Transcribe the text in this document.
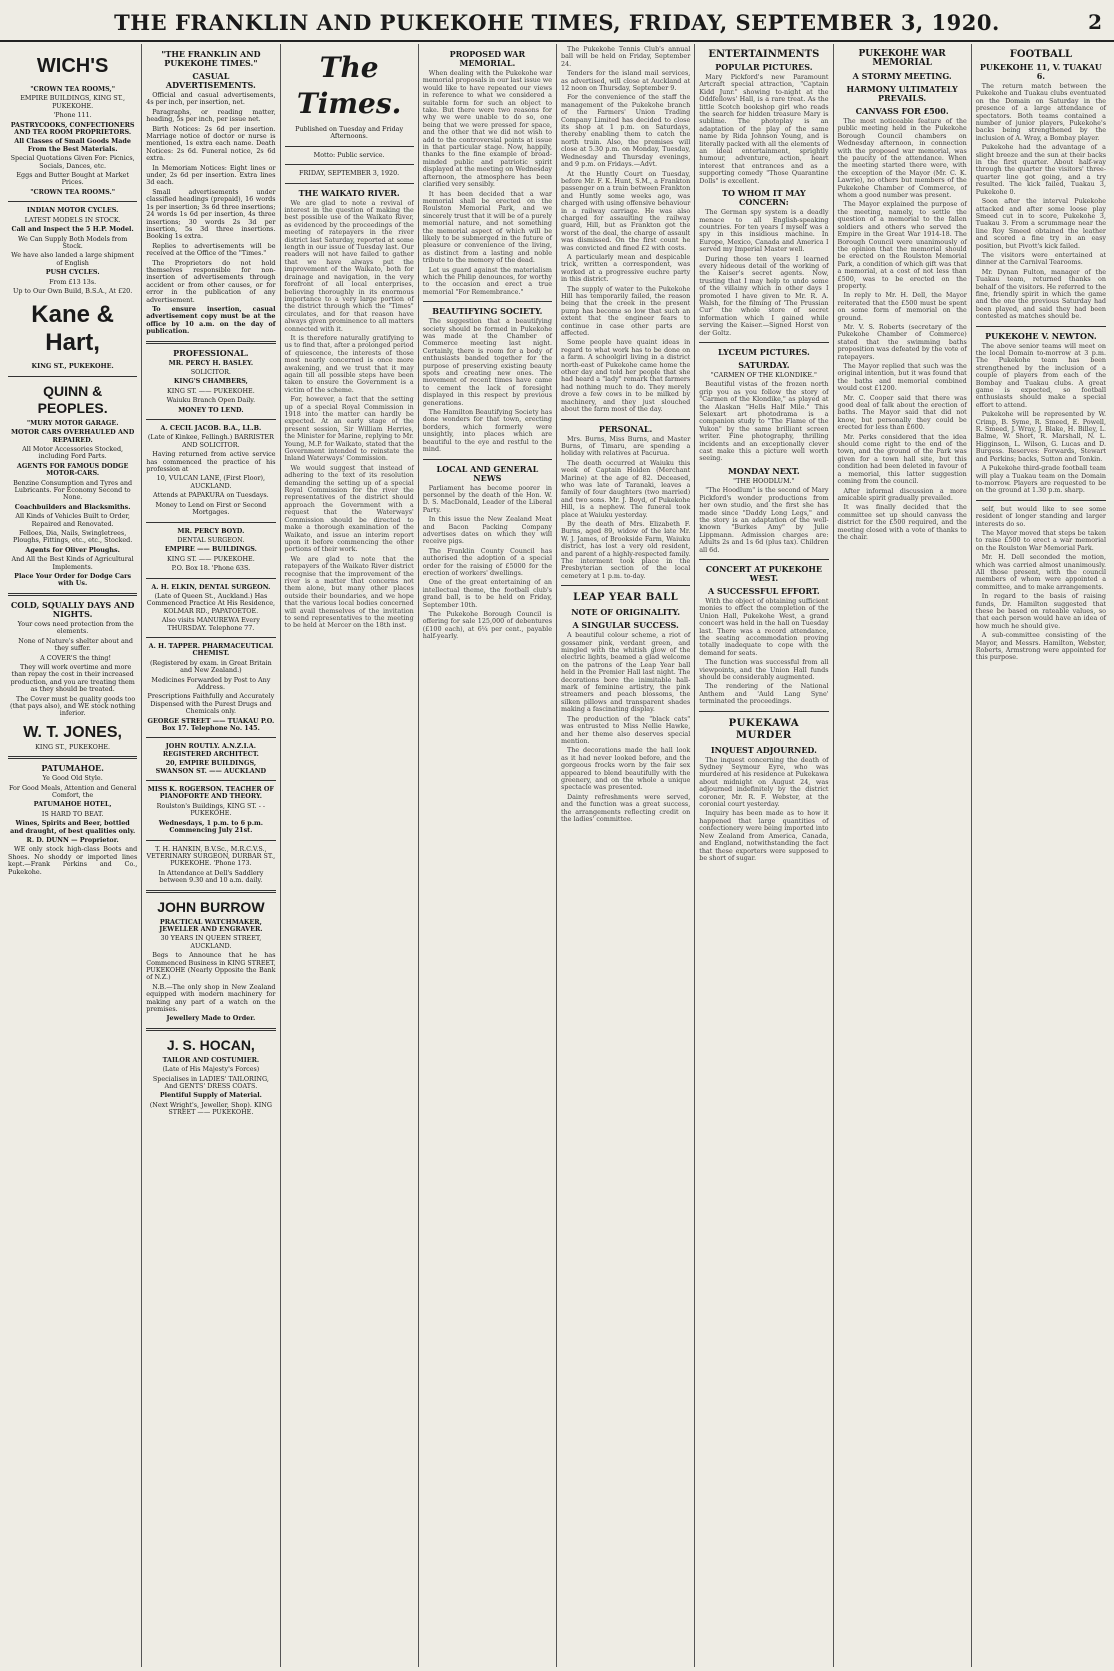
THE FRANKLIN AND PUKEKOHE TIMES, FRIDAY, SEPTEMBER 3, 1920.	2
WICH'S
"CROWN TEA ROOMS,"
EMPIRE BUILDINGS, KING ST., PUKEKOHE.
'Phone 111.
PASTRYCOOKS, CONFECTIONERS AND TEA ROOM PROPRIETORS.
All Classes of Small Goods Made From the Best Materials.
Special Quotations Given For: Picnics, Socials, Dances, etc.
Eggs and Butter Bought at Market Prices.
"CROWN TEA ROOMS."
INDIAN MOTOR CYCLES.
LATEST MODELS IN STOCK.
Call and Inspect the 5 H.P. Model.
We Can Supply Both Models from Stock.
We have also landed a large shipment of English
PUSH CYCLES.
From £13 13s.
Up to Our Own Build, B.S.A., At £20.
Kane & Hart,
KING ST., PUKEKOHE.
QUINN & PEOPLES.
"MURY MOTOR GARAGE.
MOTOR CARS OVERHAULED AND REPAIRED.
All Motor Accessories Stocked, including Ford Parts.
AGENTS FOR FAMOUS DODGE MOTOR-CARS.
Benzine Consumption and Tyres and Lubricants. For Economy Second to None.
Coachbuilders and Blacksmiths.
All Kinds of Vehicles Built to Order, Repaired and Renovated.
Felloes, Dia, Nails, Swingletrees, Ploughs, Fittings, etc., etc., Stocked.
Agents for Oliver Ploughs.
And All the Best Kinds of Agricultural Implements.
Place Your Order for Dodge Cars with Us.
COLD, SQUALLY DAYS AND NIGHTS.

Your cows need protection from the elements.

None of Nature's shelter about and they suffer.

A COVER'S the thing!

They will work overtime and more than repay the cost in their increased production, and you are treating them as they should be treated.

The Cover must be quality goods too (that pays also), and WE stock nothing inferior.

W. T. JONES,
KING ST., PUKEKOHE.
PATUMAHOE.
Ye Good Old Style.
For Good Meals, Attention and General Comfort, the
PATUMAHOE HOTEL,
IS HARD TO BEAT.
Wines, Spirits and Beer, bottled and draught, of best qualities only.
R. D. DUNN — Proprietor.

WE only stock high-class Boots and Shoes. No shoddy or imported lines kept.—Frank Perkins and Co., Pukekohe.

"THE FRANKLIN AND PUKEKOHE TIMES."
CASUAL ADVERTISEMENTS.

Official and casual advertisements, 4s per inch, per insertion, net.

Paragraphs, or reading matter, heading, 5s per inch, per issue net.

Birth Notices: 2s 6d per insertion. Marriage notice of doctor or nurse is mentioned, 1s extra each name. Death Notices: 2s 6d. Funeral notice, 2s 6d extra.

In Memoriam Notices: Eight lines or under, 2s 6d per insertion. Extra lines 3d each.

Small advertisements under classified headings (prepaid), 16 words 1s per insertion; 3s 6d three insertions; 24 words 1s 6d per insertion, 4s three insertions; 30 words 2s 3d per insertion, 5s 3d three insertions. Booking 1s extra.

Replies to advertisements will be received at the Office of the "Times."

The Proprietors do not hold themselves responsible for non-insertion of advertisements through accident or from other causes, or for error in the publication of any advertisement.

To ensure insertion, casual advertisement copy must be at the office by 10 a.m. on the day of publication.

PROFESSIONAL.
MR. PERCY H. BASLEY.
SOLICITOR.
KING'S CHAMBERS,
KING ST. —— PUKEKOHE.
Waiuku Branch Open Daily.
MONEY TO LEND.
A. CECIL JACOB. B.A., LL.B.
(Late of Kinkee, Fellingh.) BARRISTER AND SOLICITOR.

Having returned from active service has commenced the practice of his profession at

10, VULCAN LANE, (First Floor), AUCKLAND.
Attends at PAPAKURA on Tuesdays.
Money to Lend on First or Second Mortgages.
MR. PERCY BOYD.
DENTAL SURGEON.
EMPIRE —— BUILDINGS.
KING ST. —— PUKEKOHE.
P.O. Box 18. 'Phone 63S.
A. H. ELKIN, DENTAL SURGEON.
(Late of Queen St., Auckland.) Has Commenced Practice At His Residence, KOLMAR RD., PAPATOETOE.
Also visits MANUREWA Every THURSDAY. Telephone 77.
A. H. TAPPER. PHARMACEUTICAL CHEMIST.
(Registered by exam. in Great Britain and New Zealand.)
Medicines Forwarded by Post to Any Address.
Prescriptions Faithfully and Accurately Dispensed with the Purest Drugs and Chemicals only.
GEORGE STREET —— TUAKAU P.O. Box 17. Telephone No. 145.
JOHN ROUTLY. A.N.Z.I.A. REGISTERED ARCHITECT.
20, EMPIRE BUILDINGS, SWANSON ST. —— AUCKLAND
MISS K. ROGERSON. TEACHER OF PIANOFORTE AND THEORY.
Roulston's Buildings, KING ST. - - PUKEKOHE.
Wednesdays, 1 p.m. to 6 p.m. Commencing July 21st.
T. H. HANKIN, B.V.Sc., M.R.C.V.S., VETERINARY SURGEON, DURBAR ST., PUKEKOHE. 'Phone 173.
In Attendance at Dell's Saddlery between 9.30 and 10 a.m. daily.
JOHN BURROW
PRACTICAL WATCHMAKER, JEWELLER AND ENGRAVER.
30 YEARS IN QUEEN STREET, AUCKLAND.

Begs to Announce that he has Commenced Business in KING STREET, PUKEKOHE (Nearly Opposite the Bank of N.Z.)

N.B.—The only shop in New Zealand equipped with modern machinery for making any part of a watch on the premises.

Jewellery Made to Order.
J. S. HOCAN,
TAILOR AND COSTUMIER.
(Late of His Majesty's Forces)
Specialises in LADIES' TAILORING, And GENTS' DRESS COATS.
Plentiful Supply of Material.
(Next Wright's, Jeweller, Shop). KING STREET —— PUKEKOHE.
The Times.
Published on Tuesday and Friday Afternoons.
Motto: Public service.
FRIDAY, SEPTEMBER 3, 1920.
THE WAIKATO RIVER.

We are glad to note a revival of interest in the question of making the best possible use of the Waikato River, as evidenced by the proceedings of the meeting of ratepayers in the river district last Saturday, reported at some length in our issue of Tuesday last. Our readers will not have failed to gather that we have always put the improvement of the Waikato, both for drainage and navigation, in the very forefront of all local enterprises, believing thoroughly in its enormous importance to a very large portion of the district through which the "Times" circulates, and for that reason have always given prominence to all matters connected with it.

It is therefore naturally gratifying to us to find that, after a prolonged period of quiescence, the interests of those most nearly concerned is once more awakening, and we trust that it may again till all possible steps have been taken to ensure the Government is a victim of the scheme.

For, however, a fact that the setting up of a special Royal Commission in 1918 into the matter can hardly be expected. At an early stage of the present session, Sir William Herries, the Minister for Marine, replying to Mr. Young, M.P. for Waikato, stated that the Government intended to reinstate the Inland Waterways' Commission.

We would suggest that instead of adhering to the text of its resolution demanding the setting up of a special Royal Commission for the river the representatives of the district should approach the Government with a request that the Waterways' Commission should be directed to make a thorough examination of the Waikato, and issue an interim report upon it before commencing the other portions of their work.

We are glad to note that the ratepayers of the Waikato River district recognise that the improvement of the river is a matter that concerns not them alone, but many other places outside their boundaries, and we hope that the various local bodies concerned will avail themselves of the invitation to send representatives to the meeting to be held at Mercer on the 18th inst.

PROPOSED WAR MEMORIAL.

When dealing with the Pukekohe war memorial proposals in our last issue we would like to have repeated our views in reference to what we considered a suitable form for such an object to take. But there were two reasons for why we were unable to do so, one being that we were pressed for space, and the other that we did not wish to add to the controversial points at issue in that particular stage. Now, happily, thanks to the fine example of broad-minded public and patriotic spirit displayed at the meeting on Wednesday afternoon, the atmosphere has been clarified very sensibly.

It has been decided that a war memorial shall be erected on the Roulston Memorial Park, and we sincerely trust that it will be of a purely memorial nature, and not something the memorial aspect of which will be likely to be submerged in the future of pleasure or convenience of the living, as distinct from a lasting and noble tribute to the memory of the dead.

Let us guard against the materialism which the Philip denounces, for worthy to the occasion and erect a true memorial "For Remembrance."

BEAUTIFYING SOCIETY.

The suggestion that a beautifying society should be formed in Pukekohe was made at the Chamber of Commerce meeting last night. Certainly, there is room for a body of enthusiasts banded together for the purpose of preserving existing beauty spots and creating new ones. The movement of recent times have came to cement the lack of foresight displayed in this respect by previous generations.

The Hamilton Beautifying Society has done wonders for that town, erecting borders, which formerly were unsightly, into places which are beautiful to the eye and restful to the mind.

LOCAL AND GENERAL NEWS

Parliament has become poorer in personnel by the death of the Hon. W. D. S. MacDonald, Leader of the Liberal Party.

In this issue the New Zealand Meat and Bacon Packing Company advertises dates on which they will receive pigs.

The Franklin County Council has authorised the adoption of a special order for the raising of £5000 for the erection of workers' dwellings.

One of the great entertaining of an intellectual theme, the football club's grand ball, is to be held on Friday, September 10th.

The Pukekohe Borough Council is offering for sale 125,000 of debentures (£100 each), at 6¼ per cent., payable half-yearly.

The Pukekohe Tennis Club's annual ball will be held on Friday, September 24.

Tenders for the island mail services, as advertised, will close at Auckland at 12 noon on Thursday, September 9.

For the convenience of the staff the management of the Pukekohe branch of the Farmers' Union Trading Company Limited has decided to close its shop at 1 p.m. on Saturdays, thereby enabling them to catch the north train. Also, the premises will close at 5.30 p.m. on Monday, Tuesday, Wednesday and Thursday evenings, and 9 p.m. on Fridays.—Advt.

At the Huntly Court on Tuesday, before Mr. F. K. Hunt, S.M., a Frankton passenger on a train between Frankton and Huntly some weeks ago, was charged with using offensive behaviour in a railway carriage. He was also charged for assaulting the railway guard, Hill, but as Frankton got the worst of the deal, the charge of assault was dismissed. On the first count he was convicted and fined £2 with costs.

A particularly mean and despicable trick, written a correspondent, was worked at a progressive euchre party in this district.

The supply of water to the Pukekohe Hill has temporarily failed, the reason being that the creek in the present pump has become so low that such an extent that the engineer fears to continue in case other parts are affected.

Some people have quaint ideas in regard to what work has to be done on a farm. A schoolgirl living in a district north-east of Pukekohe came home the other day and told her people that she had heard a "lady" remark that farmers had nothing much to do. They merely drove a few cows in to be milked by machinery, and they just slouched about the farm most of the day.

PERSONAL.

Mrs. Burns, Miss Burns, and Master Burns, of Timaru, are spending a holiday with relatives at Pacurua.

The death occurred at Waiuku this week of Captain Holden (Merchant Marine) at the age of 82. Deceased, who was late of Taranaki, leaves a family of four daughters (two married) and two sons. Mr. J. Boyd, of Pukekohe Hill, is a nephew. The funeral took place at Waiuku yesterday.

By the death of Mrs. Elizabeth F. Burns, aged 89, widow of the late Mr. W. J. James, of Brookside Farm, Waiuku district, has lost a very old resident, and parent of a highly-respected family. The interment took place in the Presbyterian section of the local cemetery at 1 p.m. to-day.

LEAP YEAR BALL
NOTE OF ORIGINALITY.
A SINGULAR SUCCESS.

A beautiful colour scheme, a riot of gossamer pink, verdant green, and mingled with the whitish glow of the electric lights, beamed a glad welcome on the patrons of the Leap Year ball held in the Premier Hall last night. The decorations bore the inimitable hall-mark of feminine artistry, the pink streamers and peach blossoms, the silken pillows and transparent shades making a fascinating display.

The production of the "black cats" was entrusted to Miss Nellie Hawke, and her theme also deserves special mention.

The decorations made the hall look as it had never looked before, and the gorgeous frocks worn by the fair sex appeared to blend beautifully with the greenery, and on the whole a unique spectacle was presented.

Dainty refreshments were served, and the function was a great success, the arrangements reflecting credit on the ladies' committee.

ENTERTAINMENTS
POPULAR PICTURES.

Mary Pickford's new Paramount Artcraft special attraction, "Captain Kidd Junr." showing to-night at the Oddfellows' Hall, is a rare treat. As the little Scotch bookshop girl who reads the search for hidden treasure Mary is sublime. The photoplay is an adaptation of the play of the same name by Rida Johnson Young, and is literally packed with all the elements of an ideal entertainment, sprightly humour, adventure, action, heart interest that entrances and as a supporting comedy "Those Quarantine Dolls" is excellent.

TO WHOM IT MAY CONCERN:

The German spy system is a deadly menace to all English-speaking countries. For ten years I myself was a spy in this insidious machine. In Europe, Mexico, Canada and America I served my Imperial Master well.

During those ten years I learned every hideous detail of the working of the Kaiser's secret agents. Now, trusting that I may help to undo some of the villainy which in other days I promoted I have given to Mr. R. A. Walsh, for the filming of 'The Prussian Cur' the whole store of secret information which I gained while serving the Kaiser.—Signed Horst von der Goltz.

LYCEUM PICTURES.
SATURDAY.
"CARMEN OF THE KLONDIKE."

Beautiful vistas of the frozen north grip you as you follow the story of "Carmen of the Klondike," as played at the Alaskan "Hells Half Mile." This Selexart art photodrama is a companion study to "The Flame of the Yukon" by the same brilliant screen writer. Fine photography, thrilling incidents and an exceptionally clever cast make this a picture well worth seeing.

MONDAY NEXT.
"THE HOODLUM."

"The Hoodlum" is the second of Mary Pickford's wonder productions from her own studio, and the first she has made since "Daddy Long Legs," and the story is an adaptation of the well-known "Burkes Amy" by Julie Lippmann. Admission charges are: Adults 2s and 1s 6d (plus tax). Children all 6d.

CONCERT AT PUKEKOHE WEST.
A SUCCESSFUL EFFORT.

With the object of obtaining sufficient monies to effect the completion of the Union Hall, Pukekohe West, a grand concert was held in the hall on Tuesday last. There was a record attendance, the seating accommodation proving totally inadequate to cope with the demand for seats.

The function was successful from all viewpoints, and the Union Hall funds should be considerably augmented.

The rendering of the National Anthem and 'Auld Lang Syne' terminated the proceedings.

PUKEKAWA MURDER
INQUEST ADJOURNED.

The inquest concerning the death of Sydney Seymour Eyre, who was murdered at his residence at Pukekawa about midnight on August 24, was adjourned indefinitely by the district coroner, Mr. R. F. Webster, at the coronial court yesterday.

Inquiry has been made as to how it happened that large quantities of confectionery were being imported into New Zealand from America, Canada, and England, notwithstanding the fact that these exporters were supposed to be short of sugar.

PUKEKOHE WAR MEMORIAL
A STORMY MEETING.
HARMONY ULTIMATELY PREVAILS.
CANVASS FOR £500.

The most noticeable feature of the public meeting held in the Pukekohe Borough Council chambers on Wednesday afternoon, in connection with the proposed war memorial, was the paucity of the attendance. When the meeting started there were, with the exception of the Mayor (Mr. C. K. Lawrie), no others but members of the Pukekohe Chamber of Commerce, of whom a good number was present.

The Mayor explained the purpose of the meeting, namely, to settle the question of a memorial to the fallen soldiers and others who served the Empire in the Great War 1914-18. The Borough Council were unanimously of the opinion that the memorial should be erected on the Roulston Memorial Park, a condition of which gift was that a memorial, at a cost of not less than £500, was to be erected on the property.

In reply to Mr. H. Dell, the Mayor reiterated that the £500 must be spent on some form of memorial on the ground.

Mr. V. S. Roberts (secretary of the Pukekohe Chamber of Commerce) stated that the swimming baths proposition was defeated by the vote of ratepayers.

The Mayor replied that such was the original intention, but it was found that the baths and memorial combined would cost £1200.

Mr. C. Cooper said that there was good deal of talk about the erection of baths. The Mayor said that did not know, but personally they could be erected for less than £600.

Mr. Perks considered that the idea should come right to the end of the town, and the ground of the Park was given for a town hall site, but this condition had been deleted in favour of a memorial, this latter suggestion coming from the council.

After informal discussion a more amicable spirit gradually prevailed.

It was finally decided that the committee set up should canvass the district for the £500 required, and the meeting closed with a vote of thanks to the chair.

FOOTBALL
PUKEKOHE 11, V. TUAKAU 6.

The return match between the Pukekohe and Tuakau clubs eventuated on the Domain on Saturday in the presence of a large attendance of spectators. Both teams contained a number of junior players, Pukekohe's backs being strengthened by the inclusion of A. Wray, a Bombay player.

Pukekohe had the advantage of a slight breeze and the sun at their backs in the first quarter. About half-way through the quarter the visitors' three-quarter line got going, and a try resulted. The kick failed, Tuakau 3, Pukekohe 0.

Soon after the interval Pukekohe attacked and after some loose play Smeed cut in to score, Pukekohe 3, Tuakau 3. From a scrummage near the line Roy Smeed obtained the leather and scored a fine try in an easy position, but Pivott's kick failed.

The visitors were entertained at dinner at the Carnival Tearooms.

Mr. Dynan Fulton, manager of the Tuakau team, returned thanks on behalf of the visitors. He referred to the fine, friendly spirit in which the game and the one the previous Saturday had been played, and said they had been contested as matches should be.

PUKEKOHE V. NEWTON.

The above senior teams will meet on the local Domain to-morrow at 3 p.m. The Pukekohe team has been strengthened by the inclusion of a couple of players from each of the Bombay and Tuakau clubs. A great game is expected, so football enthusiasts should make a special effort to attend.

Pukekohe will be represented by W. Crimp, B. Syme, R. Smeed, E. Powell, R. Smeed, J. Wray, J. Blake, H. Billey, L. Balme, W. Short, R. Marshall, N. L. Higginson, L. Wilson, G. Lucas and D. Burgess. Reserves: Forwards, Stewart and Perkins; backs, Sutton and Tonkin.

A Pukekohe third-grade football team will play a Tuakau team on the Domain to-morrow. Players are requested to be on the ground at 1.30 p.m. sharp.

self, but would like to see some resident of longer standing and larger interests do so.

The Mayor moved that steps be taken to raise £500 to erect a war memorial on the Roulston War Memorial Park.

Mr. H. Dell seconded the motion, which was carried almost unanimously. All those present, with the council members of whom were appointed a committee, and to make arrangements.

In regard to the basis of raising funds, Dr. Hamilton suggested that these be based on rateable values, so that each person would have an idea of how much he should give.

A sub-committee consisting of the Mayor, and Messrs. Hamilton, Webster, Roberts, Armstrong were appointed for this purpose.
